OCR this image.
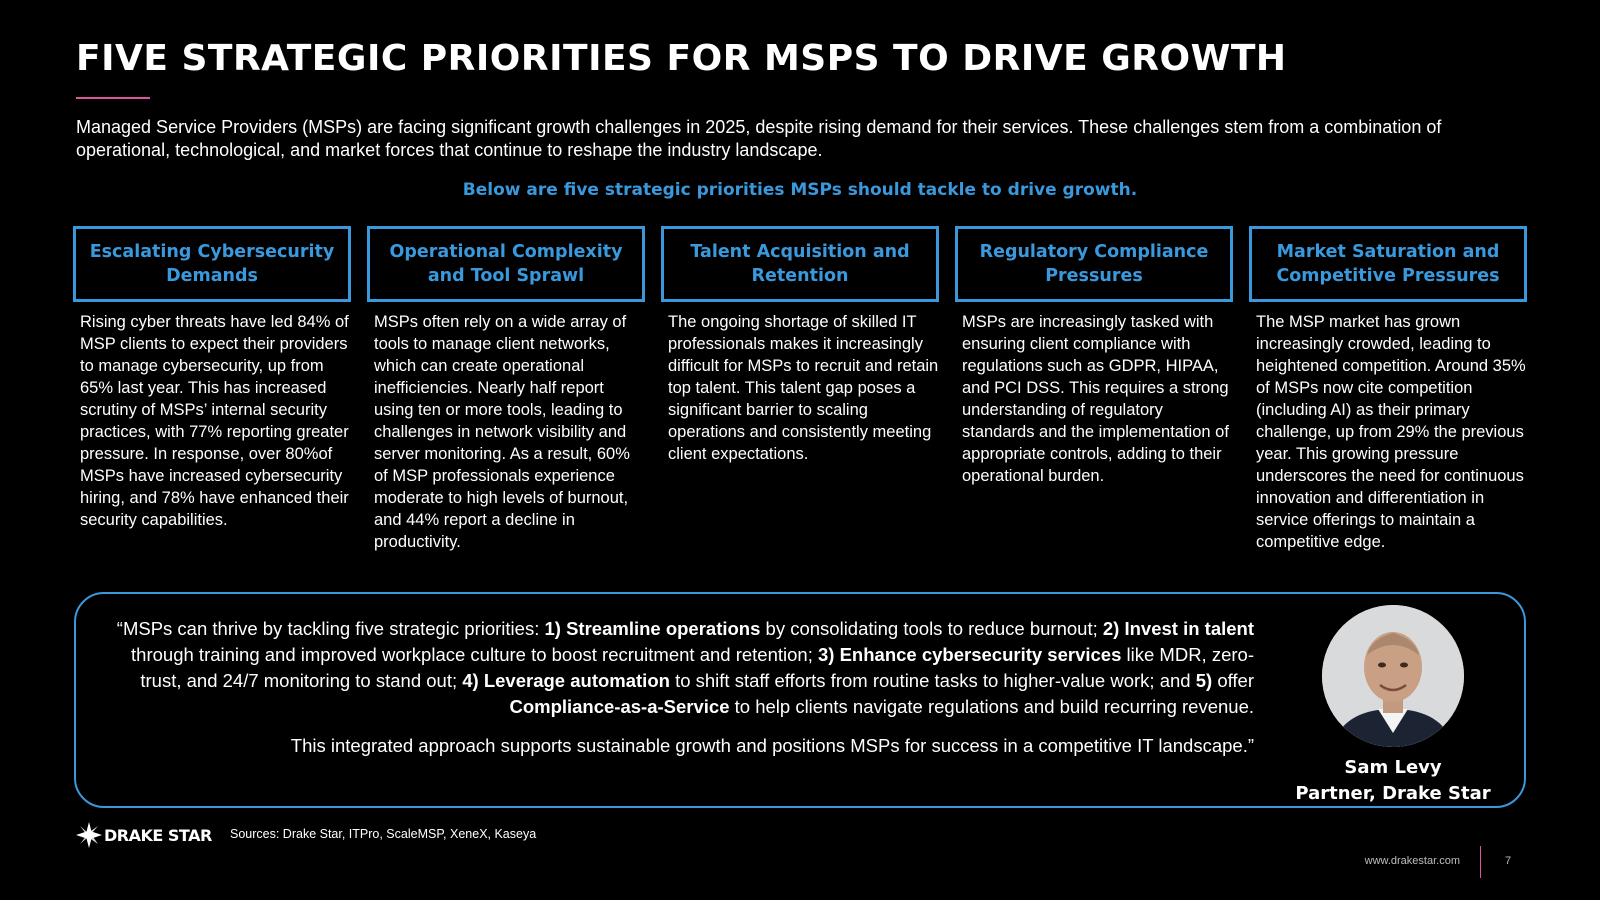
FIVE STRATEGIC PRIORITIES FOR MSPS TO DRIVE GROWTH

Managed Service Providers (MSPs) are facing significant growth challenges in 2025, despite rising demand for their services. These challenges stem from a combination of operational, technological, and market forces that continue to reshape the industry landscape.

Below are five strategic priorities MSPs should tackle to drive growth.

Escalating Cybersecurity Demands

Rising cyber threats have led 84% of MSP clients to expect their providers to manage cybersecurity, up from 65% last year. This has increased scrutiny of MSPs’ internal security practices, with 77% reporting greater pressure. In response, over 80%of MSPs have increased cybersecurity hiring, and 78% have enhanced their security capabilities.

Operational Complexity and Tool Sprawl

MSPs often rely on a wide array of tools to manage client networks, which can create operational inefficiencies. Nearly half report using ten or more tools, leading to challenges in network visibility and server monitoring. As a result, 60% of MSP professionals experience moderate to high levels of burnout, and 44% report a decline in productivity.

Talent Acquisition and Retention

The ongoing shortage of skilled IT professionals makes it increasingly difficult for MSPs to recruit and retain top talent. This talent gap poses a significant barrier to scaling operations and consistently meeting client expectations.

Regulatory Compliance Pressures

MSPs are increasingly tasked with ensuring client compliance with regulations such as GDPR, HIPAA, and PCI DSS. This requires a strong understanding of regulatory standards and the implementation of appropriate controls, adding to their operational burden.

Market Saturation and Competitive Pressures

The MSP market has grown increasingly crowded, leading to heightened competition. Around 35% of MSPs now cite competition (including AI) as their primary challenge, up from 29% the previous year. This growing pressure underscores the need for continuous innovation and differentiation in service offerings to maintain a competitive edge.

“MSPs can thrive by tackling five strategic priorities: 1) Streamline operations by consolidating tools to reduce burnout; 2) Invest in talent through training and improved workplace culture to boost recruitment and retention; 3) Enhance cybersecurity services like MDR, zero-trust, and 24/7 monitoring to stand out; 4) Leverage automation to shift staff efforts from routine tasks to higher-value work; and 5) offer Compliance-as-a-Service to help clients navigate regulations and build recurring revenue.

This integrated approach supports sustainable growth and positions MSPs for success in a competitive IT landscape.”

Sam Levy

Partner, Drake Star

DRAKE STAR Sources: Drake Star, ITPro, ScaleMSP, XeneX, Kaseya

www.drakestar.com	7
